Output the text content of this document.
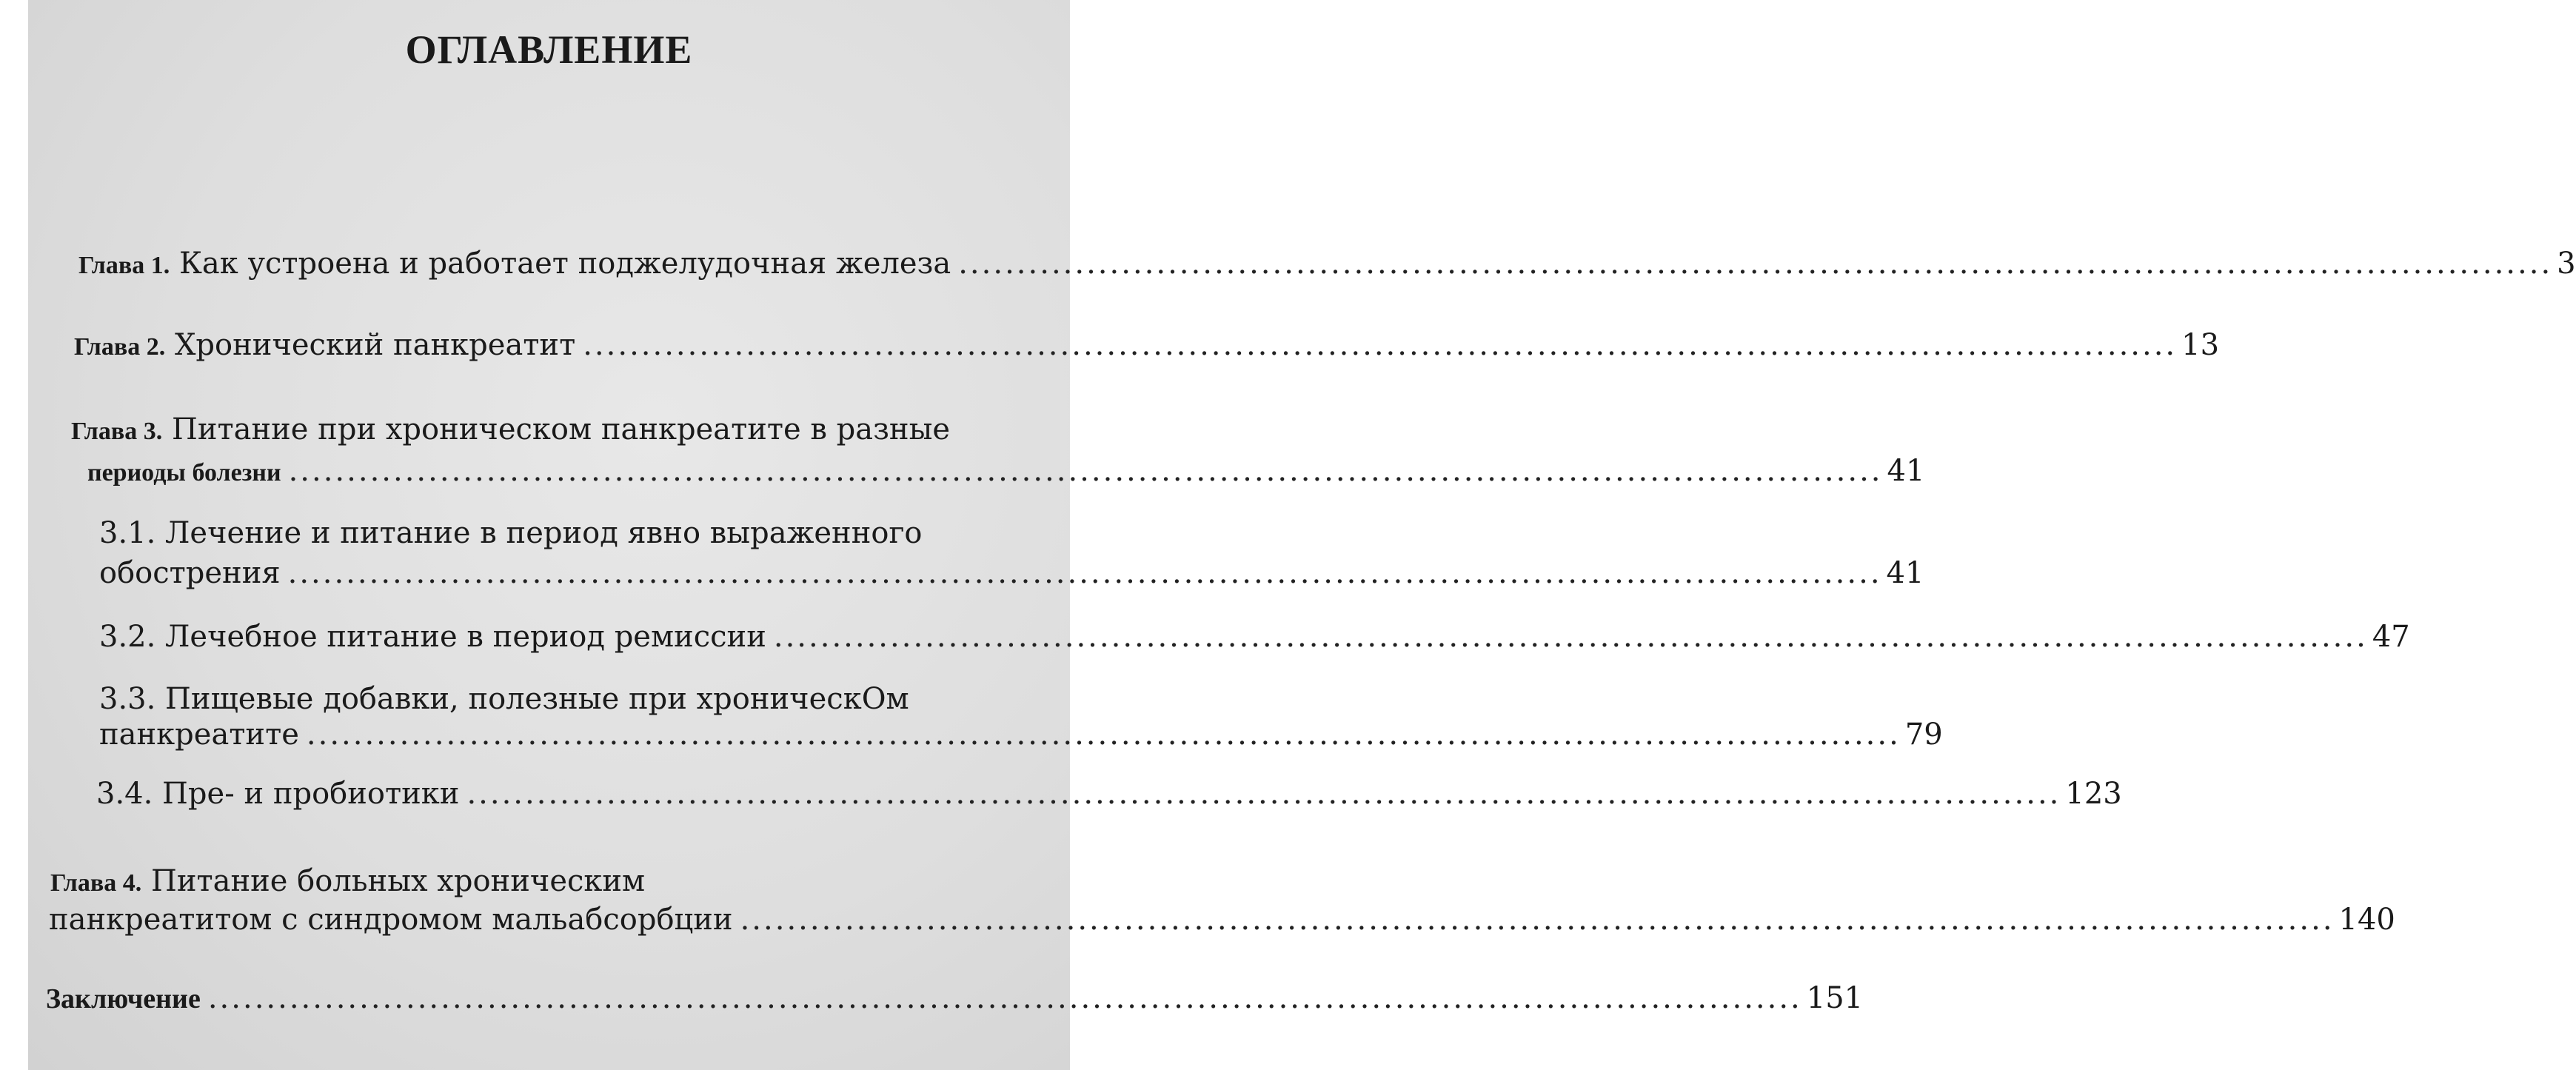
ОГЛАВЛЕНИЕ
Глава 1. Как устроена и работает поджелудочная железа ......................................................................................................................................... 3
Глава 2. Хронический панкреатит ......................................................................................................................................... 13
Глава 3. Питание при хроническом панкреатите в разные
периоды болезни ......................................................................................................................................... 41
3.1. Лечение и питание в период явно выраженного
обострения ......................................................................................................................................... 41
3.2. Лечебное питание в период ремиссии ......................................................................................................................................... 47
3.3. Пищевые добавки, полезные при хроническОм
панкреатите ......................................................................................................................................... 79
3.4. Пре- и пробиотики ......................................................................................................................................... 123
Глава 4. Питание больных хроническим
панкреатитом с синдромом мальабсорбции ......................................................................................................................................... 140
Заключение ......................................................................................................................................... 151
